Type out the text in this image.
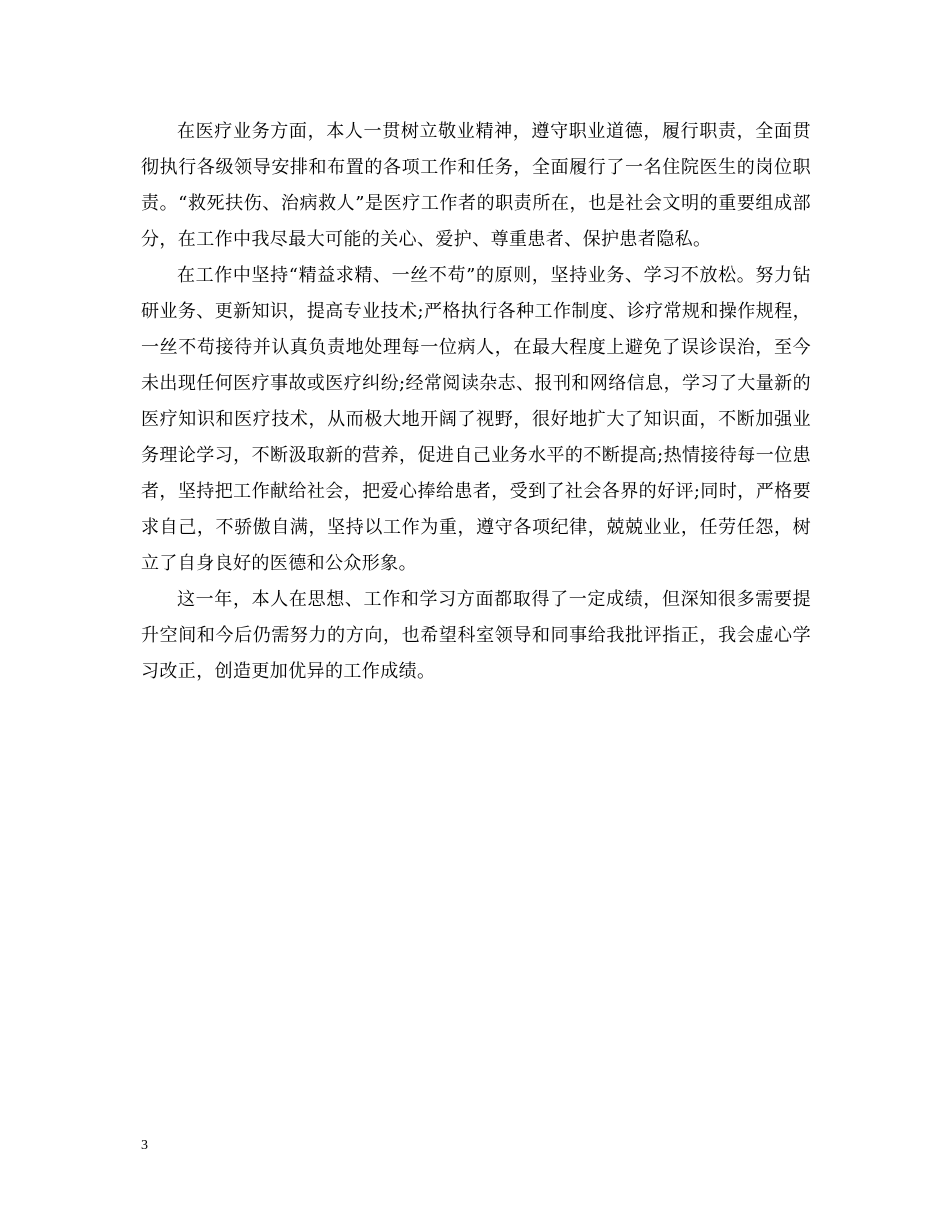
在医疗业务方面，本人一贯树立敬业精神，遵守职业道德，履行职责，全面贯彻执行各级领导安排和布置的各项工作和任务，全面履行了一名住院医生的岗位职责。“救死扶伤、治病救人”是医疗工作者的职责所在，也是社会文明的重要组成部分，在工作中我尽最大可能的关心、爱护、尊重患者、保护患者隐私。

在工作中坚持“精益求精、一丝不苟”的原则，坚持业务、学习不放松。努力钻研业务、更新知识，提高专业技术;严格执行各种工作制度、诊疗常规和操作规程，一丝不苟接待并认真负责地处理每一位病人，在最大程度上避免了误诊误治，至今未出现任何医疗事故或医疗纠纷;经常阅读杂志、报刊和网络信息，学习了大量新的医疗知识和医疗技术，从而极大地开阔了视野，很好地扩大了知识面，不断加强业务理论学习，不断汲取新的营养，促进自己业务水平的不断提高;热情接待每一位患者，坚持把工作献给社会，把爱心捧给患者，受到了社会各界的好评;同时，严格要求自己，不骄傲自满，坚持以工作为重，遵守各项纪律，兢兢业业，任劳任怨，树立了自身良好的医德和公众形象。

这一年，本人在思想、工作和学习方面都取得了一定成绩，但深知很多需要提升空间和今后仍需努力的方向，也希望科室领导和同事给我批评指正，我会虚心学习改正，创造更加优异的工作成绩。

3
